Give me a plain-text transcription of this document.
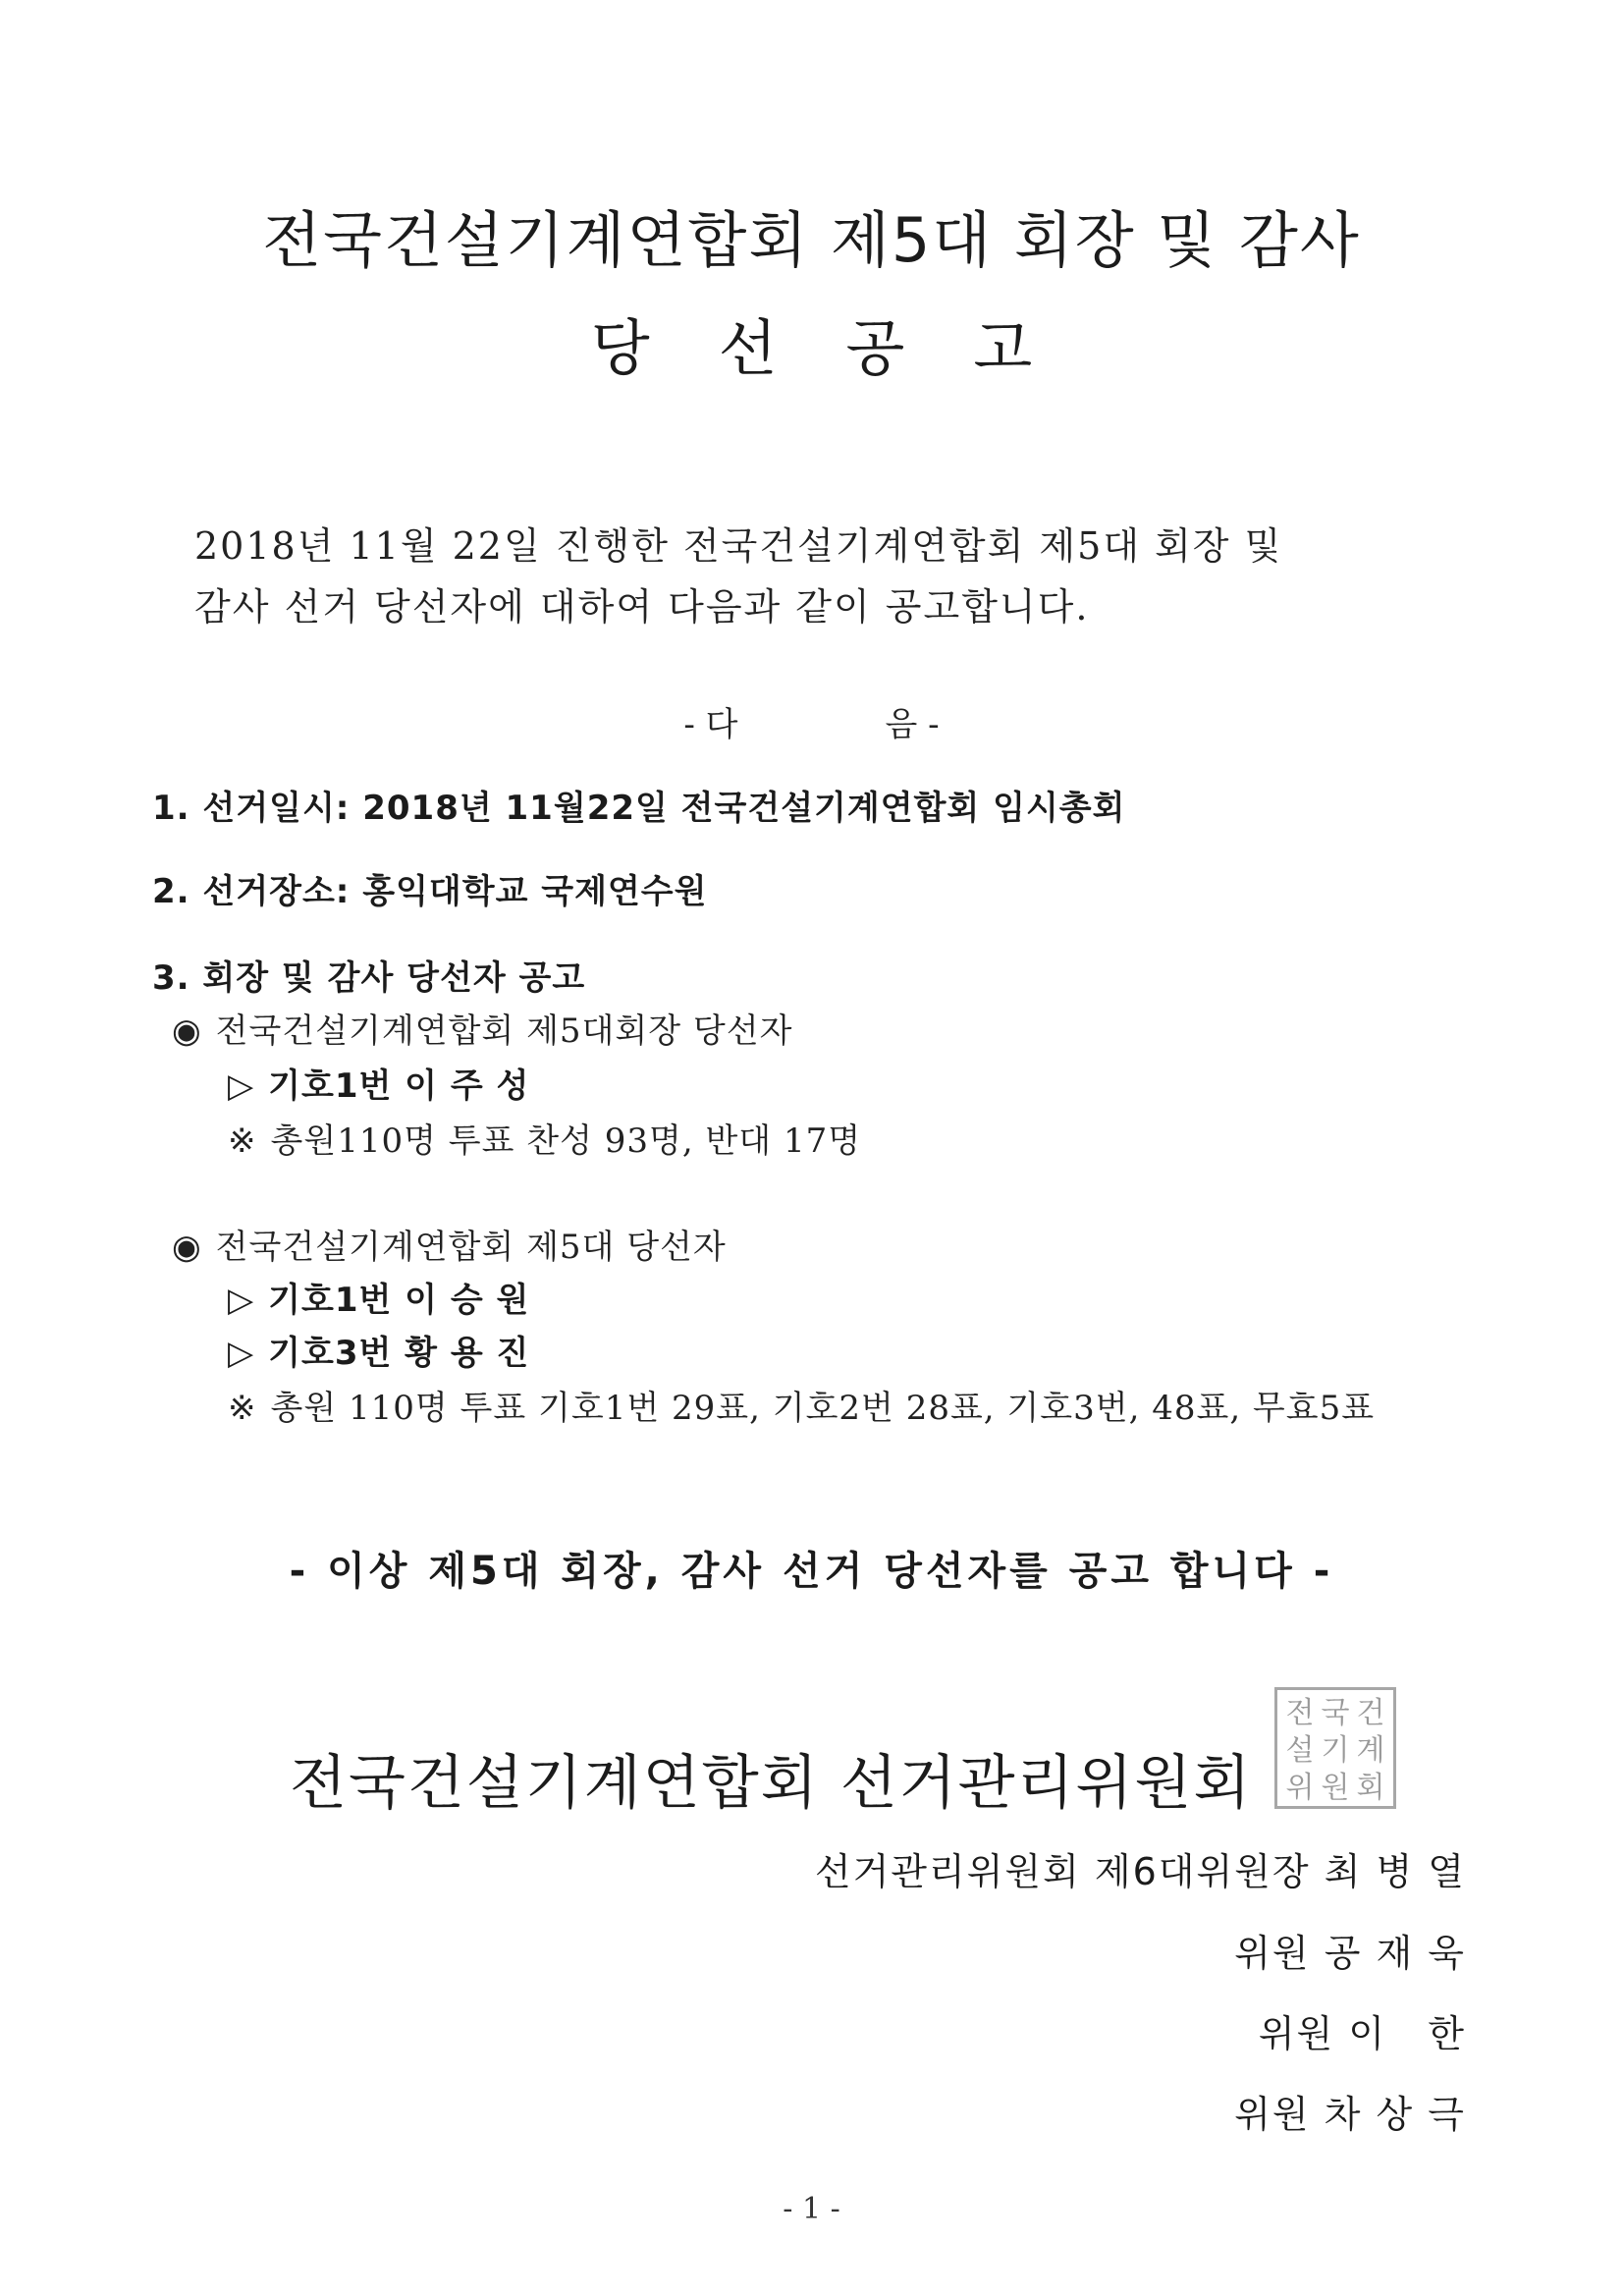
전국건설기계연합회 제5대 회장 및 감사
당선공고
2018년 11월 22일 진행한 전국건설기계연합회 제5대 회장 및
감사 선거 당선자에 대하여 다음과 같이 공고합니다.
- 다	음 -
1. 선거일시: 2018년 11월22일 전국건설기계연합회 임시총회
2. 선거장소: 홍익대학교 국제연수원
3. 회장 및 감사 당선자 공고
◉ 전국건설기계연합회 제5대회장 당선자
▷ 기호1번 이 주 성
※ 총원110명 투표 찬성 93명, 반대 17명
◉ 전국건설기계연합회 제5대 당선자
▷ 기호1번 이 승 원
▷ 기호3번 황 용 진
※ 총원 110명 투표 기호1번 29표, 기호2번 28표, 기호3번, 48표, 무효5표
- 이상 제5대 회장, 감사 선거 당선자를 공고 합니다 -
전국건설기계연합회 선거관리위원회
전 국 건
설 기 계
위 원 회
선거관리위원회 제6대위원장 최 병 열
위원 공 재 욱
위원 이   한
위원 차 상 극
- 1 -
